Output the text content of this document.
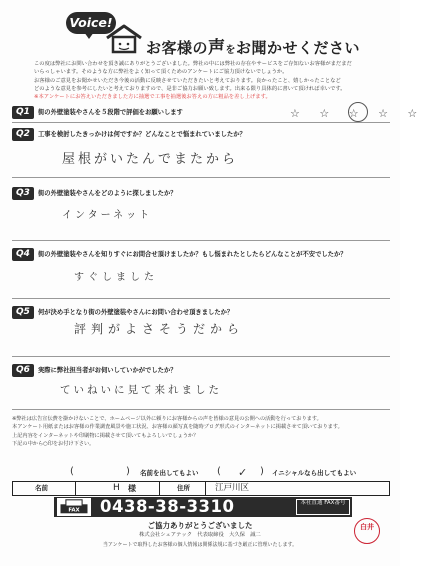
Voice!
お客様の声をお聞かせください

この度は弊社にお問い合わせを頂き誠にありがとうございました。弊社の中には弊社の存在やサービスをご存知ないお客様がまだまだ

いらっしゃいます。そのような方に弊社をよく知って頂くためのアンケートにご協力頂けないでしょうか。

お客様のご意見をお聞かせいただき今後の活動に反映させていただきたいと考えております。良かったこと、嬉しかったことなど

どのような意見を参考にしたいと考えておりますので、是非ご協力お願い致します。出来る限り具体的に書いて頂ければ幸いです。

※本アンケートにお答えいただきました方に抽選で工事を抽選後お答えの方に粗品を差し上げます。

Q1	街の外壁塗装やさんを５段階で評価をお願いします	☆ ☆ ☆ ☆ ☆
Q2	工事を検討したきっかけは何ですか？どんなことで悩まれていましたか？
屋根がいたんでまたから
Q3	街の外壁塗装やさんをどのように探しましたか？
インターネット
Q4	街の外壁塗装やさんを知りすぐにお問合せ頂けましたか？もし悩まれたとしたらどんなことが不安でしたか？
すぐしました
Q5	何が決め手となり街の外壁塗装やさんにお問い合わせ頂きましたか？
評判がよさそうだから
Q6	実際に弊社担当者がお伺いしていかがでしたか？
ていねいに見て来れました

※弊社は広告宣伝費を掛かけないことで、ホームページ以外に頼りにお客様からの声を皆様の意見の公開への活動を行っております。

本アンケート用紙またはお客様の作業調査風景や施工状況、お客様の顔写真を随時ブログ形式のインターネットに掲載させて頂いております。

上記内容をインターネットや印刷物に掲載させて頂いてもよろしいでしょうか？

下記の中から○印をお付け下さい。

(	) 名前を出してもよい ( ✓ ) イニシャルなら出してもよい
名前	H 様	住所	江戸川区
FAX 0438-38-3310	本社直通 FAX番号
ご協力ありがとうございました
株式会社シェアテック　代表取締役　大久保　誠二
当アンケートで取得したお客様の個人情報は関係法規に基づき厳正に管理いたします。
白井
